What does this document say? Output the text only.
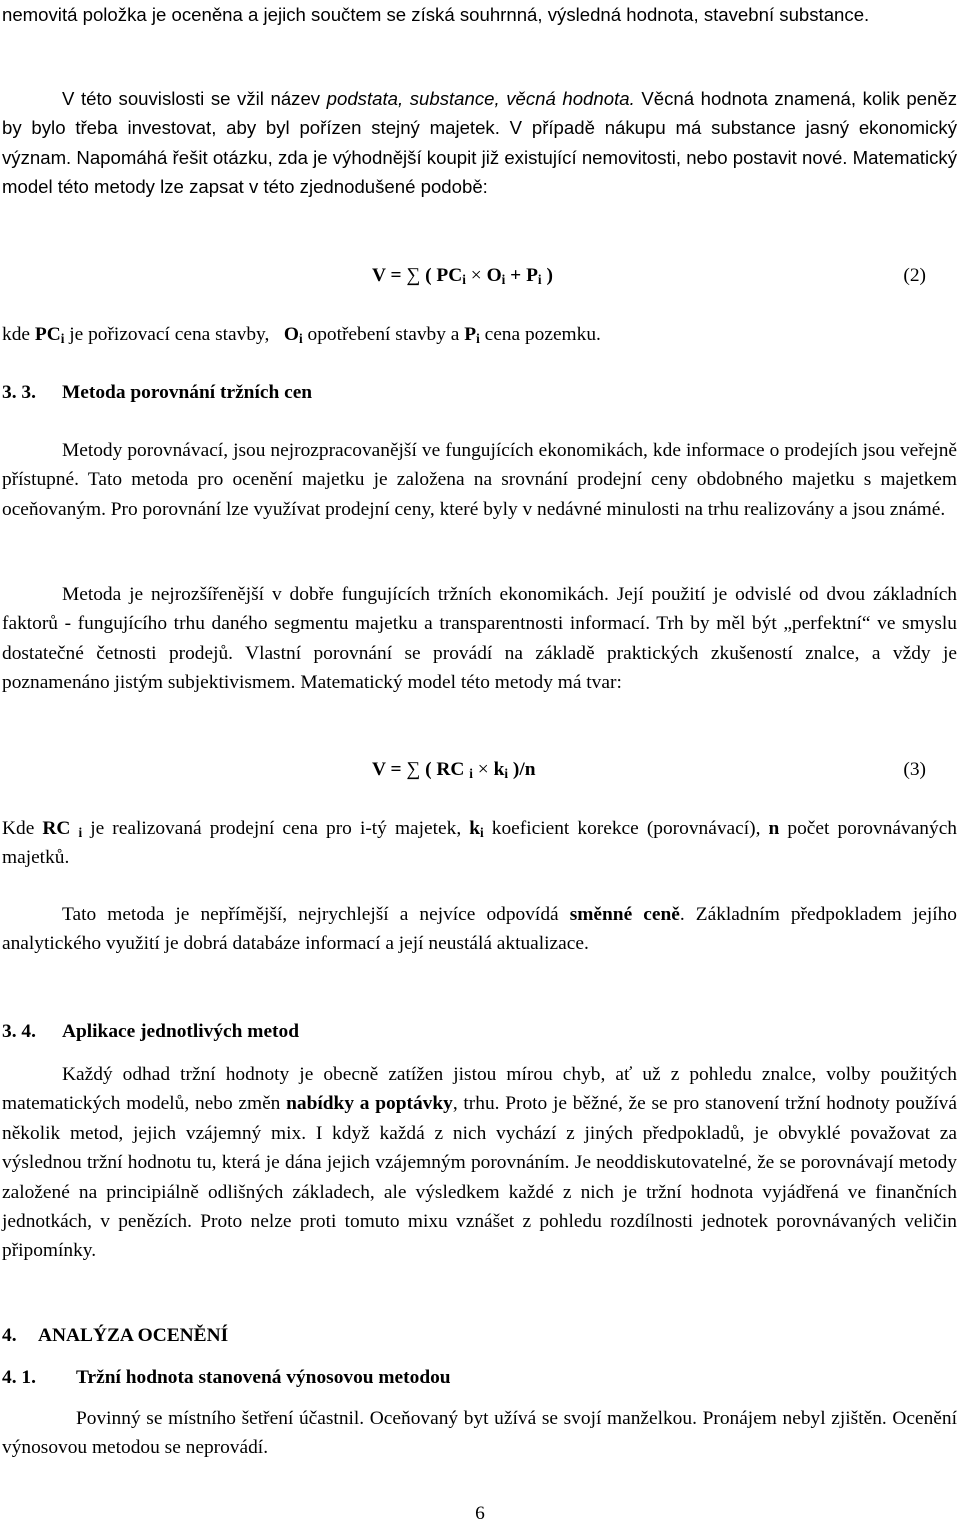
nemovitá položka je oceněna a jejich součtem se získá souhrnná, výsledná hodnota, stavební substance.

V této souvislosti se vžil název podstata, substance, věcná hodnota. Věcná hodnota znamená, kolik peněz by bylo třeba investovat, aby byl pořízen stejný majetek. V případě nákupu má substance jasný ekonomický význam. Napomáhá řešit otázku, zda je výhodnější koupit již existující nemovitosti, nebo postavit nové. Matematický model této metody lze zapsat v této zjednodušené podobě:

V = ∑ ( $PC_i \times O_i + P_i$ )	(2)

kde $PC_i$ je pořizovací cena stavby,   $O_i$ opotřebení stavby a $P_i$ cena pozemku.

3. 3. Metoda porovnání tržních cen

Metody porovnávací, jsou nejrozpracovanější ve fungujících ekonomikách, kde informace o prodejích jsou veřejně přístupné. Tato metoda pro ocenění majetku je založena na srovnání prodejní ceny obdobného majetku s majetkem oceňovaným. Pro porovnání lze využívat prodejní ceny, které byly v nedávné minulosti na trhu realizovány a jsou známé.

Metoda je nejrozšířenější v dobře fungujících tržních ekonomikách. Její použití je odvislé od dvou základních faktorů - fungujícího trhu daného segmentu majetku a transparentnosti informací. Trh by měl být „perfektní“ ve smyslu dostatečné četnosti prodejů. Vlastní porovnání se provádí na základě praktických zkušeností znalce, a vždy je poznamenáno jistým subjektivismem. Matematický model této metody má tvar:

V = ∑ ( RC $_i \times k_i$ )/n	(3)

Kde RC $_i$ je realizovaná prodejní cena pro i-tý majetek, $k_i$ koeficient korekce (porovnávací), n počet porovnávaných majetků.

Tato metoda je nepřímější, nejrychlejší a nejvíce odpovídá směnné ceně. Základním předpokladem jejího analytického využití je dobrá databáze informací a její neustálá aktualizace.

3. 4. Aplikace jednotlivých metod

Každý odhad tržní hodnoty je obecně zatížen jistou mírou chyb, ať už z pohledu znalce, volby použitých matematických modelů, nebo změn nabídky a poptávky, trhu. Proto je běžné, že se pro stanovení tržní hodnoty používá několik metod, jejich vzájemný mix. I když každá z nich vychází z jiných předpokladů, je obvyklé považovat za výslednou tržní hodnotu tu, která je dána jejich vzájemným porovnáním. Je neoddiskutovatelné, že se porovnávají metody založené na principiálně odlišných základech, ale výsledkem každé z nich je tržní hodnota vyjádřená ve finančních jednotkách, v penězích. Proto nelze proti tomuto mixu vznášet z pohledu rozdílnosti jednotek porovnávaných veličin připomínky.

4. ANALÝZA OCENĚNÍ
4. 1. Tržní hodnota stanovená výnosovou metodou

Povinný se místního šetření účastnil. Oceňovaný byt užívá se svojí manželkou. Pronájem nebyl zjištěn. Ocenění výnosovou metodou se neprovádí.

6
